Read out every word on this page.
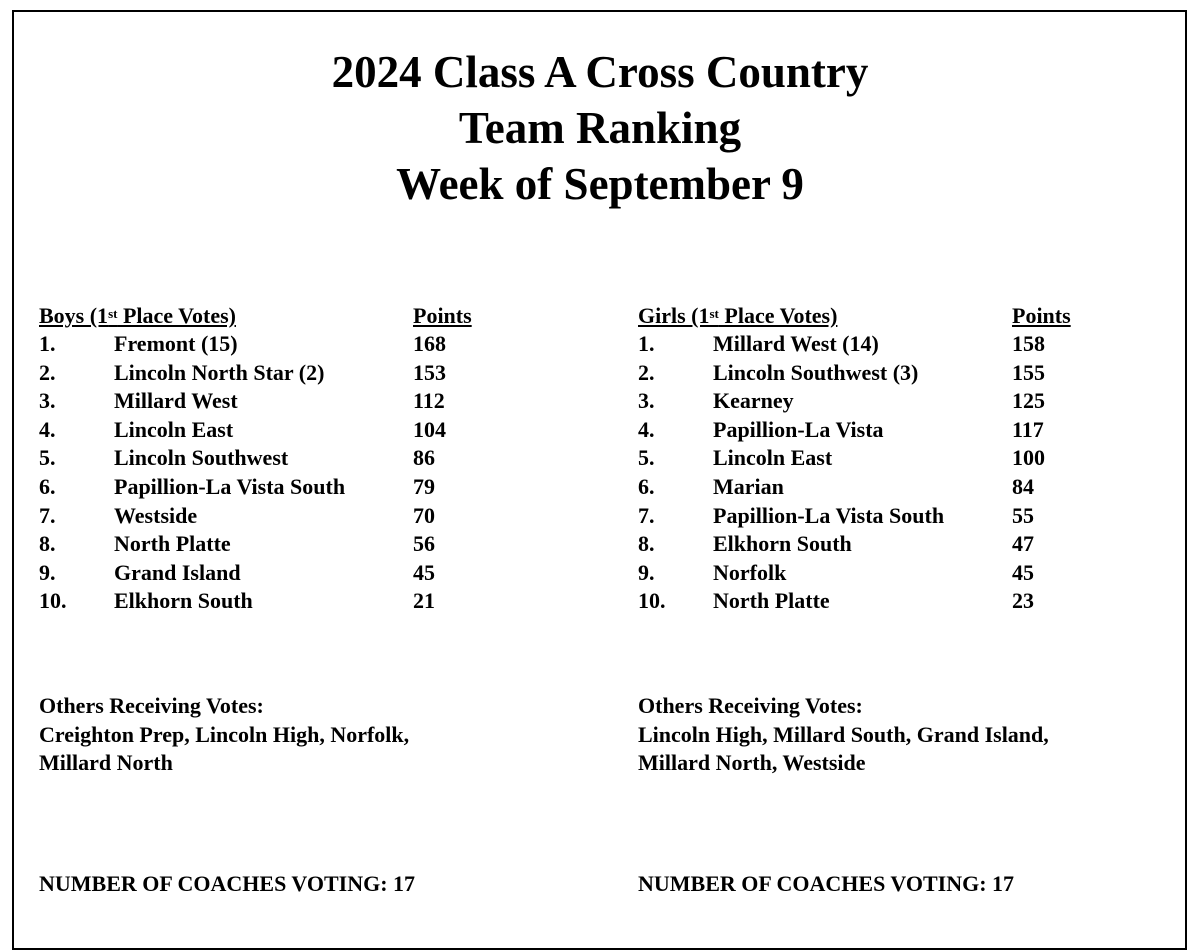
2024 Class A Cross Country
Team Ranking
Week of September 9
Boys (1st Place Votes)	Points
1.	Fremont (15)	168
2.	Lincoln North Star (2)	153
3.	Millard West	112
4.	Lincoln East	104
5.	Lincoln Southwest	86
6.	Papillion-La Vista South	79
7.	Westside	70
8.	North Platte	56
9.	Grand Island	45
10. Elkhorn South	21
Girls (1st Place Votes)	Points
1.	Millard West (14)	158
2.	Lincoln Southwest (3)	155
3.	Kearney	125
4.	Papillion-La Vista	117
5.	Lincoln East	100
6.	Marian	84
7.	Papillion-La Vista South	55
8.	Elkhorn South	47
9.	Norfolk	45
10. North Platte	23
Others Receiving Votes:
Creighton Prep, Lincoln High, Norfolk,
Millard North
Others Receiving Votes:
Lincoln High, Millard South, Grand Island,
Millard North, Westside
NUMBER OF COACHES VOTING: 17	NUMBER OF COACHES VOTING: 17
